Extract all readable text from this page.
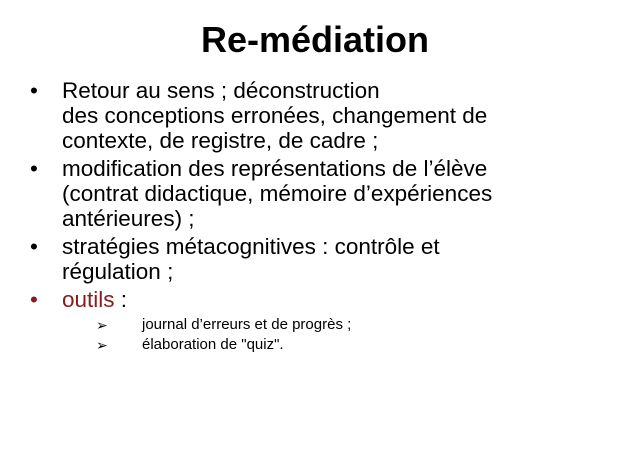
Re-médiation
•	Retour au sens ; déconstruction
des conceptions erronées, changement de
contexte, de registre, de cadre ;
•	modification des représentations de l’élève
(contrat didactique, mémoire d’expériences
antérieures) ;
•	stratégies métacognitives : contrôle et
régulation ;
•	outils :
➢ journal d’erreurs et de progrès ;
➢ élaboration de "quiz".
